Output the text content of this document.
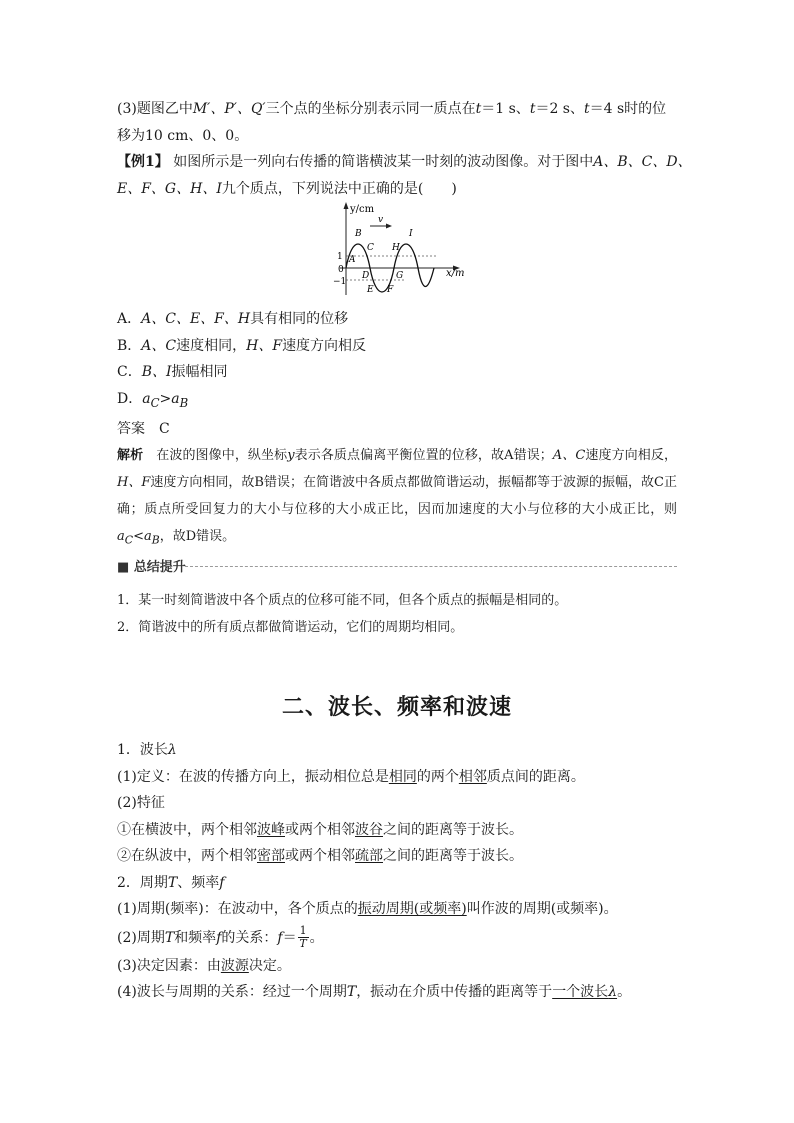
(3)题图乙中M′、P′、Q′三个点的坐标分别表示同一质点在t＝1 s、t＝2 s、t＝4 s时的位
移为10 cm、0、0。
【例1】 如图所示是一列向右传播的简谐横波某一时刻的波动图像。对于图中A、B、C、D、
E、F、G、H、I九个质点，下列说法中正确的是(　　)
y/cm
x/m
1
0
−1
v
A
B
C
D
E F
G
H
I
A．A、C、E、F、H具有相同的位移
B．A、C速度相同，H、F速度方向相反
C．B、I振幅相同
D．$a_C>a_B$
答案　 C
解析　 在波的图像中，纵坐标y表示各质点偏离平衡位置的位移，故A错误；A、C速度方向相反，H、F速度方向相同，故B错误；在简谐波中各质点都做简谐运动，振幅都等于波源的振幅，故C正确；质点所受回复力的大小与位移的大小成正比，因而加速度的大小与位移的大小成正比，则$a_C<a_B$，故D错误。
■ 总结提升
1．某一时刻简谐波中各个质点的位移可能不同，但各个质点的振幅是相同的。
2．简谐波中的所有质点都做简谐运动，它们的周期均相同。
二、波长、频率和波速
1．波长λ
(1)定义：在波的传播方向上，振动相位总是相同的两个相邻质点间的距离。
(2)特征
①在横波中，两个相邻波峰或两个相邻波谷之间的距离等于波长。
②在纵波中，两个相邻密部或两个相邻疏部之间的距离等于波长。
2．周期T、频率f
(1)周期(频率)：在波动中，各个质点的振动周期(或频率)叫作波的周期(或频率)。
(2)周期T和频率f的关系：$f= \frac{1}{T}$ 。
(3)决定因素：由波源决定。
(4)波长与周期的关系：经过一个周期T，振动在介质中传播的距离等于一个波长λ。
